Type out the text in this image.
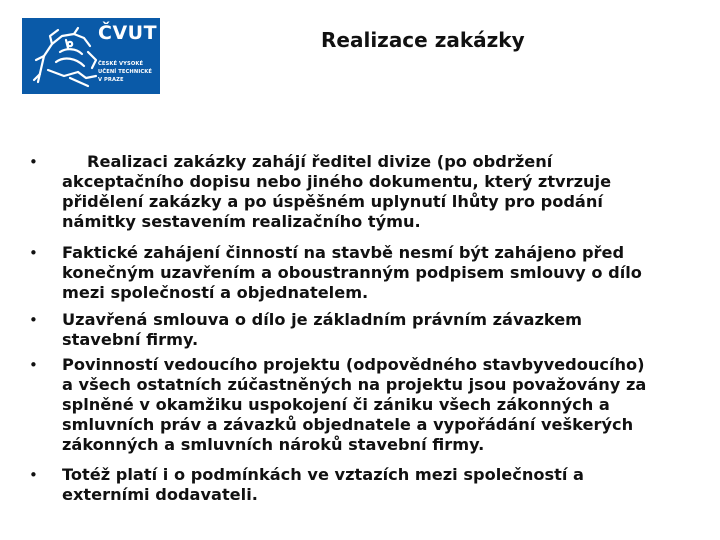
ČVUT
ČESKÉ VYSOKÉ
UČENÍ TECHNICKÉ
V PRAZE
Realizace zakázky
•	Realizaci zakázky zahájí ředitel divize (po obdržení
akceptačního dopisu nebo jiného dokumentu, který ztvrzuje
přidělení zakázky a po úspěšném uplynutí lhůty pro podání
námitky sestavením realizačního týmu.
• Faktické zahájení činností na stavbě nesmí být zahájeno před
konečným uzavřením a oboustranným podpisem smlouvy o dílo
mezi společností a objednatelem.
• Uzavřená smlouva o dílo je základním právním závazkem
stavební firmy.
• Povinností vedoucího projektu (odpovědného stavbyvedoucího)
a všech ostatních zúčastněných na projektu jsou považovány za
splněné v okamžiku uspokojení či zániku všech zákonných a
smluvních práv a závazků objednatele a vypořádání veškerých
zákonných a smluvních nároků stavební firmy.
• Totéž platí i o podmínkách ve vztazích mezi společností a
externími dodavateli.
